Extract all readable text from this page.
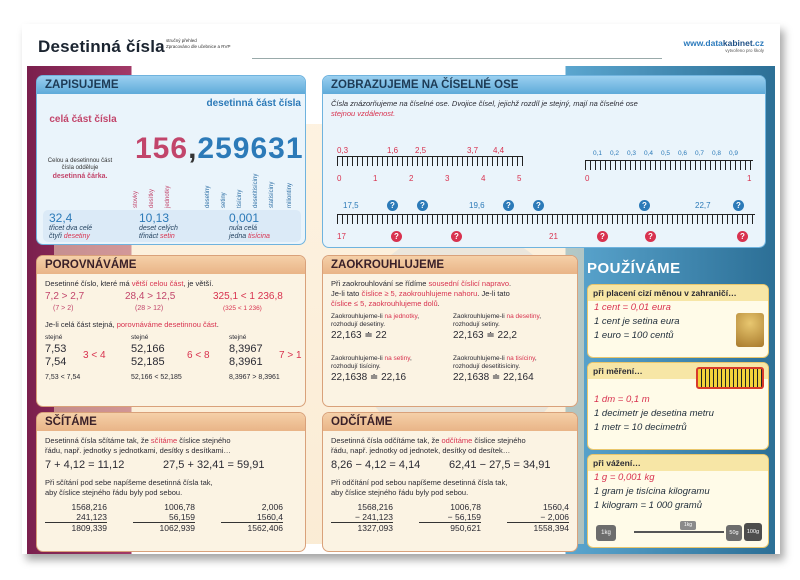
Desetinná čísla stručný přehled
Zpracováno dle učebnice a RVP	www.datakabinet.cz
vytvořeno pro školy
ZAPISUJEME
celá část čísla
desetinná část čísla
156,259631
Celou a desetinnou část čísla odděluje
desetinná čárka.
stovky desítky jednotky	desetiny setiny tisíciny desetitisíciny statisíciny miliontiny
32,4
třicet dva celé
čtyři desetiny
10,13
deset celých
třináct setin
0,001
nula celá
jedna tisícina
ZOBRAZUJEME NA ČÍSELNÉ OSE
Čísla znázorňujeme na číselné ose. Dvojice čísel, jejichž rozdíl je stejný, mají na číselné ose
stejnou vzdálenost.
0,3	1,6 2,5	3,7 4,4
0	1	2	3	4	5
0,1 0,2 0,3 0,4 0,5 0,6 0,7 0,8 0,9
0	1
17,5	19,6	22,7
?	?	?	?	?	?
17	21
?	?	?	?	?
POROVNÁVÁME
Desetinné číslo, které má větší celou část, je větší.
7,2 > 2,7
(7 > 2)
28,4 > 12,5
(28 > 12)
325,1 < 1 236,8
(325 < 1 236)
Je-li celá část stejná, porovnáváme desetinnou část.
stejné
7,53
7,54
3 < 4
7,53 < 7,54
stejné
52,166
52,185
6 < 8
52,166 < 52,185
stejné
8,3967
8,3961
7 > 1
8,3967 > 8,3961
ZAOKROUHLUJEME
Při zaokrouhlování se řídíme sousední číslicí napravo.
Je-li tato číslice ≥ 5, zaokrouhlujeme nahoru. Je-li tato
číslice ≤ 5, zaokrouhlujeme dolů.
Zaokrouhlujeme-li na jednotky,
rozhodují desetiny.
22,163 ≐ 22
Zaokrouhlujeme-li na desetiny,
rozhodují setiny.
22,163 ≐ 22,2
Zaokrouhlujeme-li na setiny,
rozhodují tisíciny.
22,1638 ≐ 22,16
Zaokrouhlujeme-li na tisíciny,
rozhodují desetitisíciny.
22,1638 ≐ 22,164
SČÍTÁME
Desetinná čísla sčítáme tak, že sčítáme číslice stejného
řádu, např. jednotky s jednotkami, desítky s desítkami…
7 + 4,12 = 11,12	27,5 + 32,41 = 59,91
Při sčítání pod sebe napíšeme desetinná čísla tak,
aby číslice stejného řádu byly pod sebou.
1568,216
241,123
1809,339
1006,78
56,159
1062,939
2,006
1560,4
1562,406
ODČÍTÁME
Desetinná čísla odčítáme tak, že odčítáme číslice stejného
řádu, např. jednotky od jednotek, desítky od desítek…
8,26 − 4,12 = 4,14	62,41 − 27,5 = 34,91
Při odčítání pod sebou napíšeme desetinná čísla tak,
aby číslice stejného řádu byly pod sebou.
1568,216
− 241,123
1327,093
1006,78
− 56,159
950,621
1560,4
− 2,006
1558,394
POUŽÍVÁME
při placení cizí měnou v zahraničí…
1 cent = 0,01 eura
1 cent je setina eura
1 euro = 100 centů
při měření…
1 dm = 0,1 m
1 decimetr je desetina metru
1 metr = 10 decimetrů
při vážení…
1 g = 0,001 kg
1 gram je tisícina kilogramu
1 kilogram = 1 000 gramů
1kg	50g	100g
1kg
